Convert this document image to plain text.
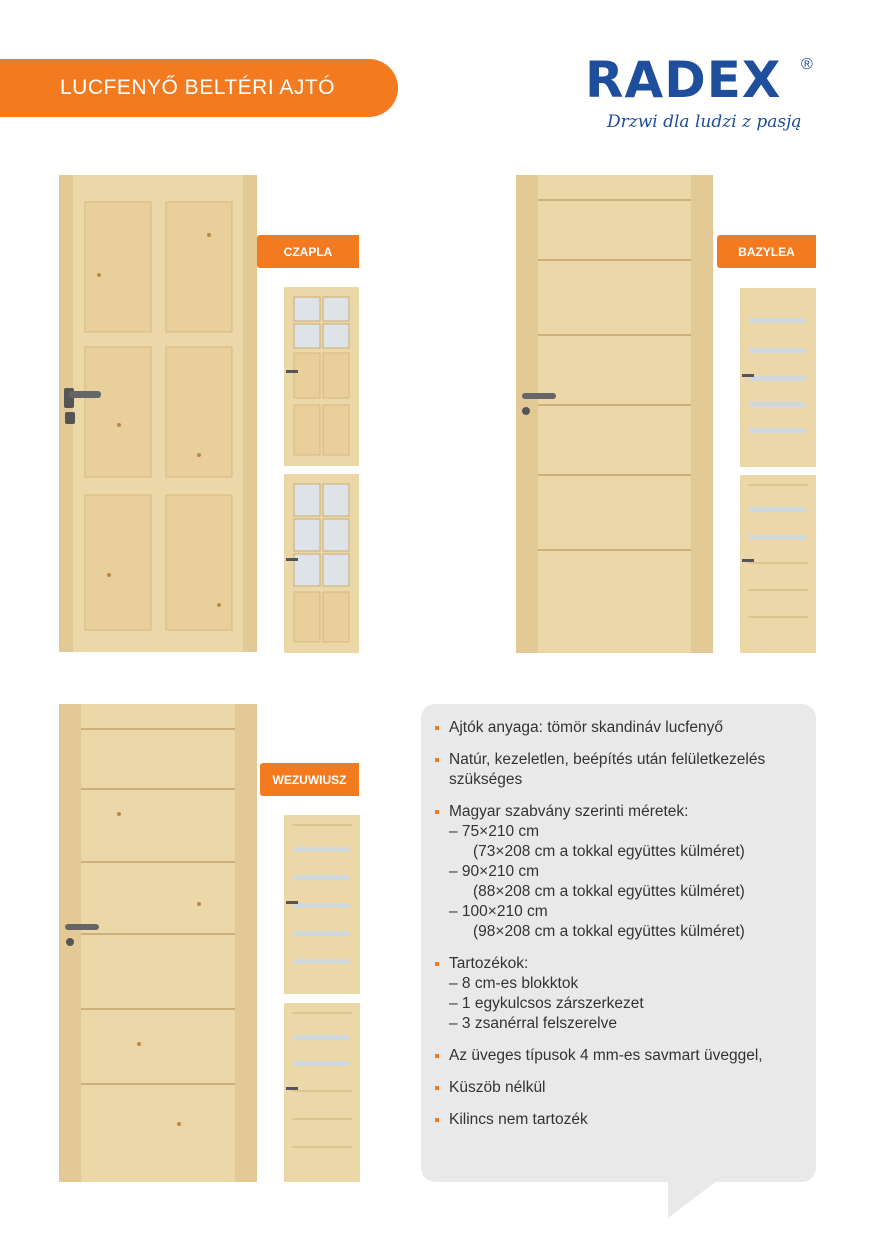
LUCFENYŐ BELTÉRI AJTÓ	RADEX	®
Drzwi dla ludzi z pasją
CZAPLA	BAZYLEA
WEZUWIUSZ
Ajtók anyaga: tömör skandináv lucfenyő
Natúr, kezeletlen, beépítés után felületkezelés
szükséges
Magyar szabvány szerinti méretek:
– 75×210 cm
(73×208 cm a tokkal együttes külméret)
– 90×210 cm
(88×208 cm a tokkal együttes külméret)
– 100×210 cm
(98×208 cm a tokkal együttes külméret)
Tartozékok:
– 8 cm-es blokktok
– 1 egykulcsos zárszerkezet
– 3 zsanérral felszerelve
Az üveges típusok 4 mm-es savmart üveggel,
Küszöb nélkül
Kilincs nem tartozék
